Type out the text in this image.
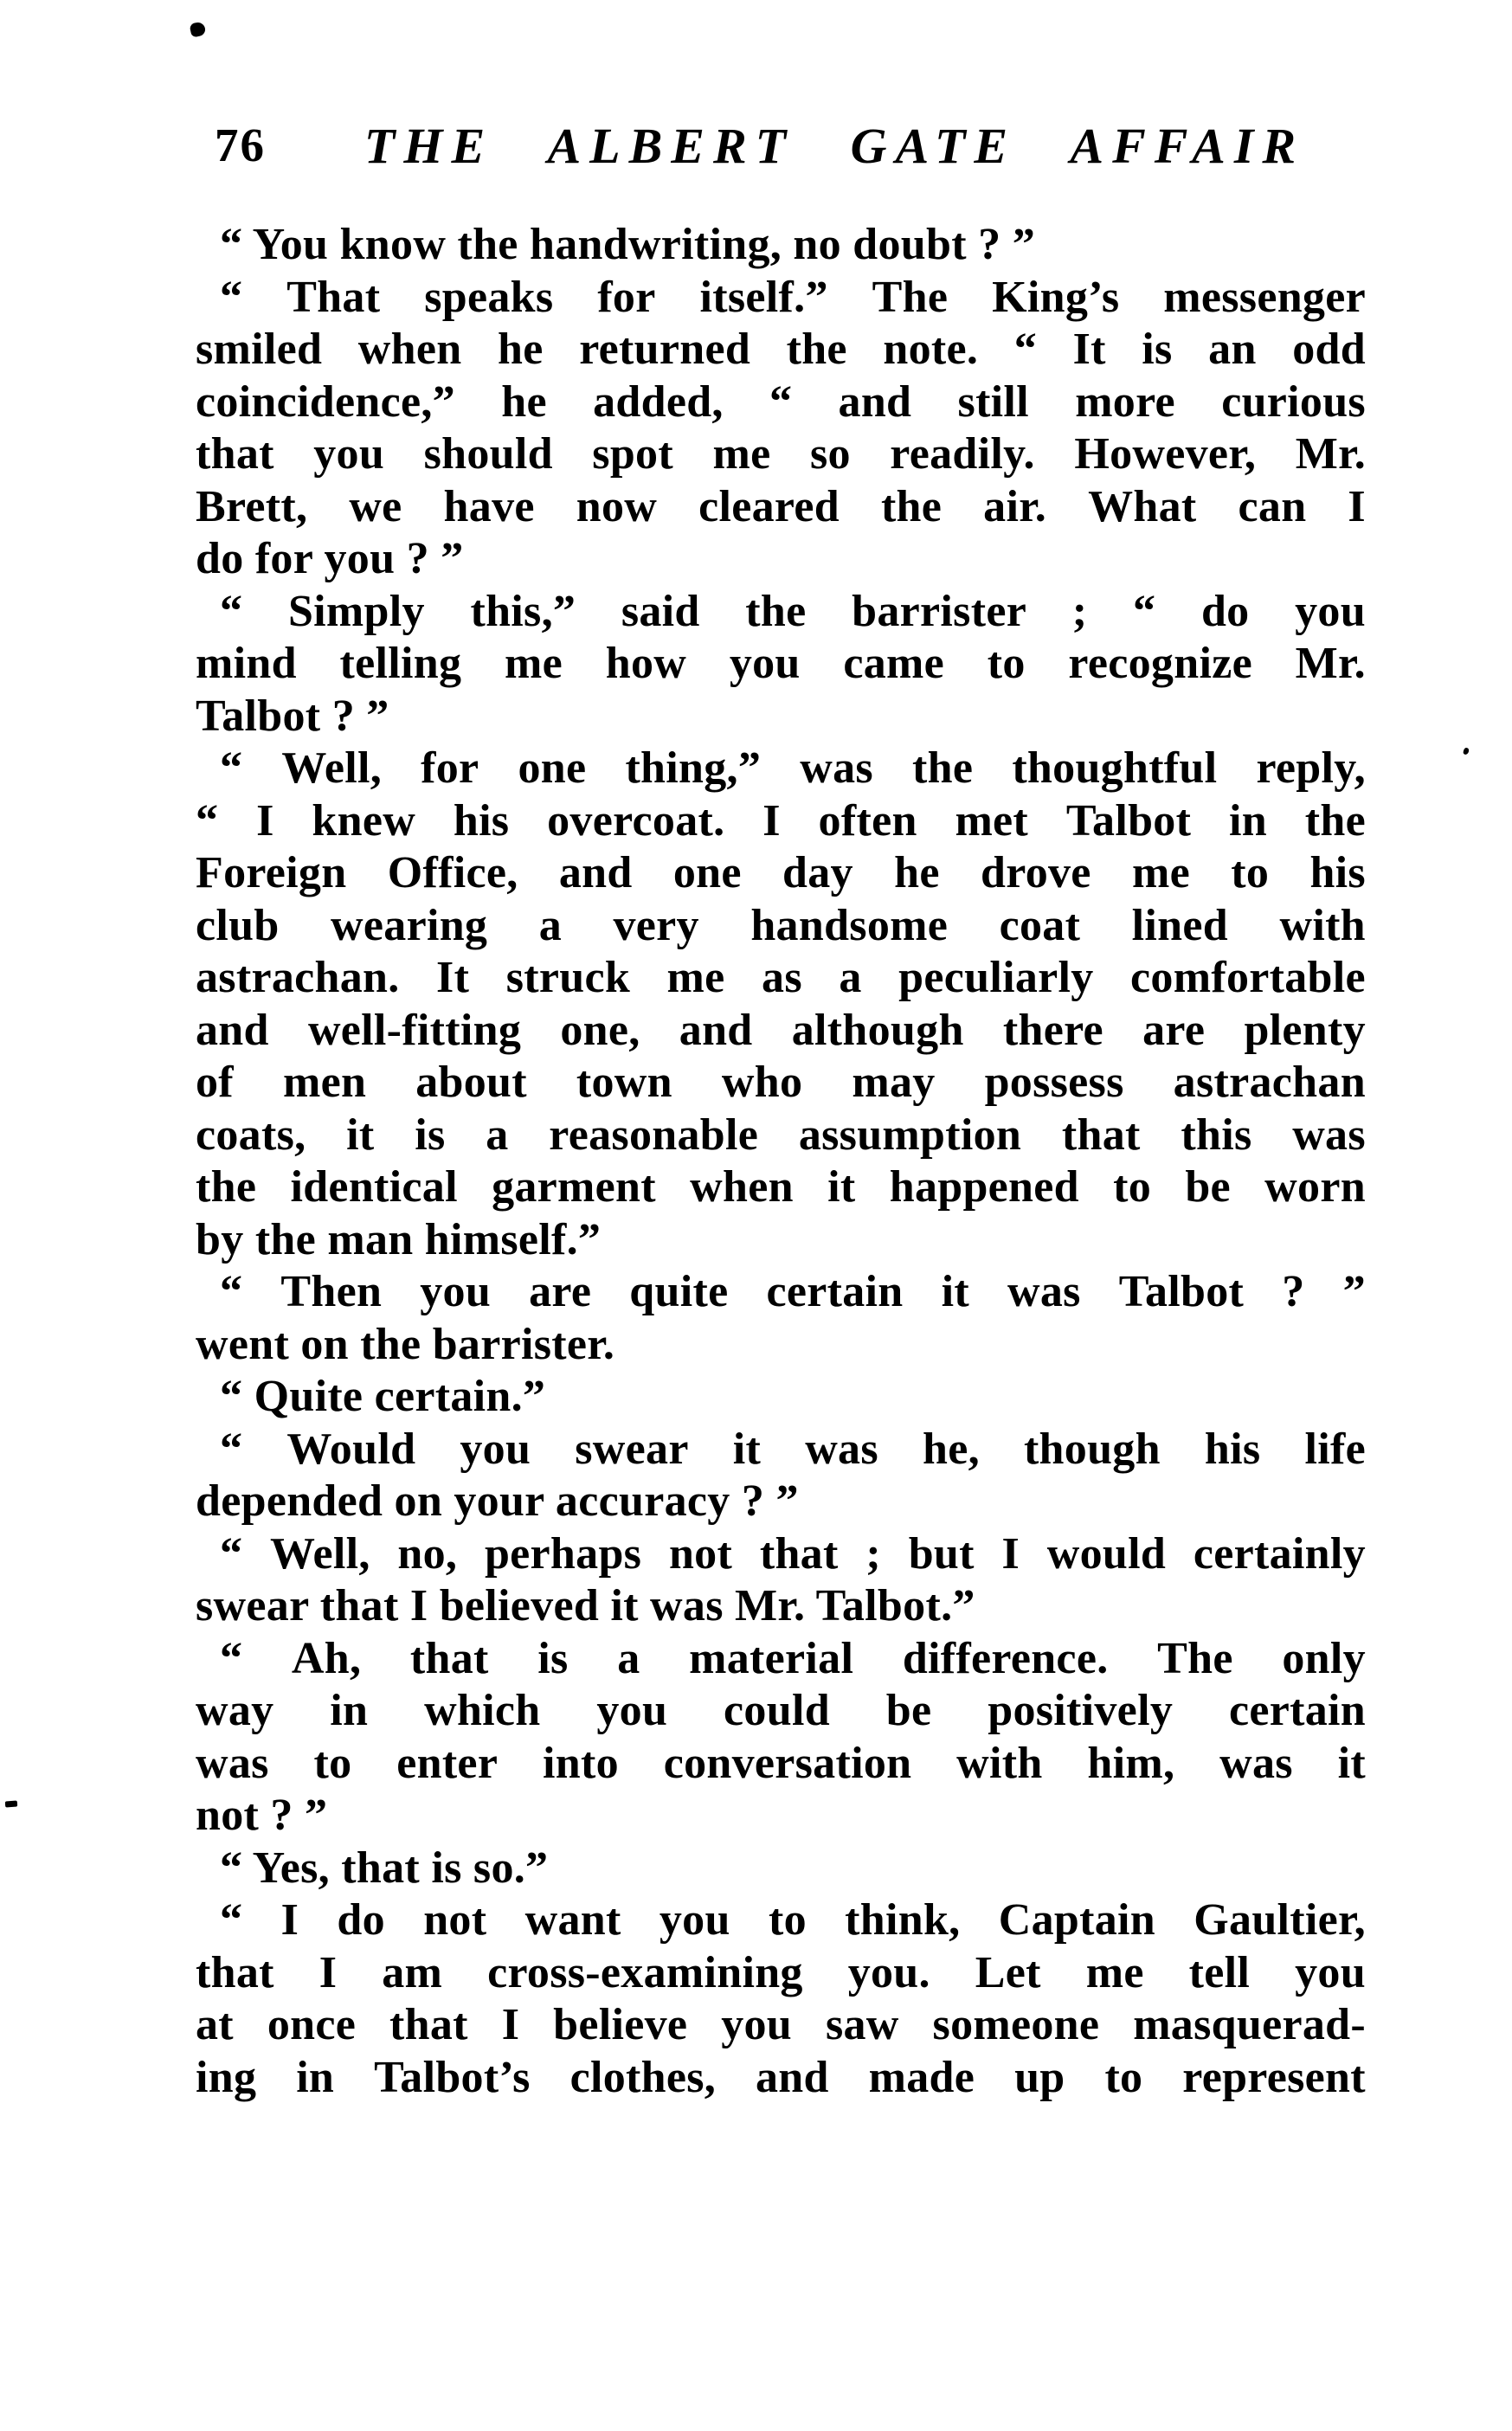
76	THE ALBERT GATE AFFAIR
“ You know the handwriting, no doubt ? ”
“ That speaks for itself.” The King’s messenger
smiled when he returned the note. “ It is an odd
coincidence,” he added, “ and still more curious
that you should spot me so readily. However, Mr.
Brett, we have now cleared the air. What can I
do for you ? ”
“ Simply this,” said the barrister ; “ do you
mind telling me how you came to recognize Mr.
Talbot ? ”
“ Well, for one thing,” was the thoughtful reply,
“ I knew his overcoat. I often met Talbot in the
Foreign Office, and one day he drove me to his
club wearing a very handsome coat lined with
astrachan. It struck me as a peculiarly comfortable
and well-fitting one, and although there are plenty
of men about town who may possess astrachan
coats, it is a reasonable assumption that this was
the identical garment when it happened to be worn
by the man himself.”
“ Then you are quite certain it was Talbot ? ”
went on the barrister.
“ Quite certain.”
“ Would you swear it was he, though his life
depended on your accuracy ? ”
“ Well, no, perhaps not that ; but I would certainly
swear that I believed it was Mr. Talbot.”
“ Ah, that is a material difference. The only
way in which you could be positively certain
was to enter into conversation with him, was it
not ? ”
“ Yes, that is so.”
“ I do not want you to think, Captain Gaultier,
that I am cross-examining you. Let me tell you
at once that I believe you saw someone masquerad-
ing in Talbot’s clothes, and made up to represent
